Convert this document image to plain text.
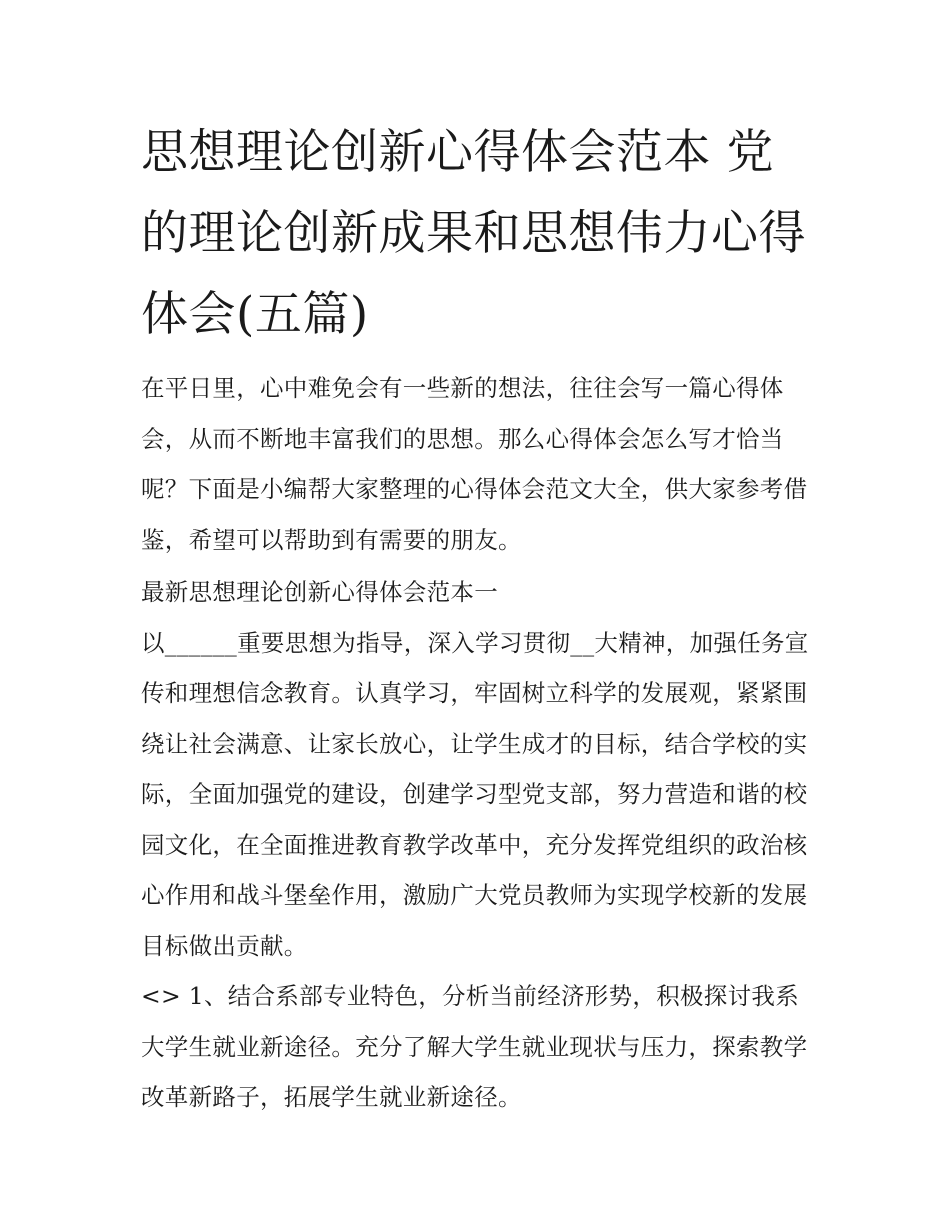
思想理论创新心得体会范本 党的理论创新成果和思想伟力心得体会(五篇)

在平日里，心中难免会有一些新的想法，往往会写一篇心得体会，从而不断地丰富我们的思想。那么心得体会怎么写才恰当呢？下面是小编帮大家整理的心得体会范文大全，供大家参考借鉴，希望可以帮助到有需要的朋友。

最新思想理论创新心得体会范本一

以______重要思想为指导，深入学习贯彻__大精神，加强任务宣传和理想信念教育。认真学习，牢固树立科学的发展观，紧紧围绕让社会满意、让家长放心，让学生成才的目标，结合学校的实际，全面加强党的建设，创建学习型党支部，努力营造和谐的校园文化，在全面推进教育教学改革中，充分发挥党组织的政治核心作用和战斗堡垒作用，激励广大党员教师为实现学校新的发展目标做出贡献。

<> 1、结合系部专业特色，分析当前经济形势，积极探讨我系大学生就业新途径。充分了解大学生就业现状与压力，探索教学改革新路子，拓展学生就业新途径。
